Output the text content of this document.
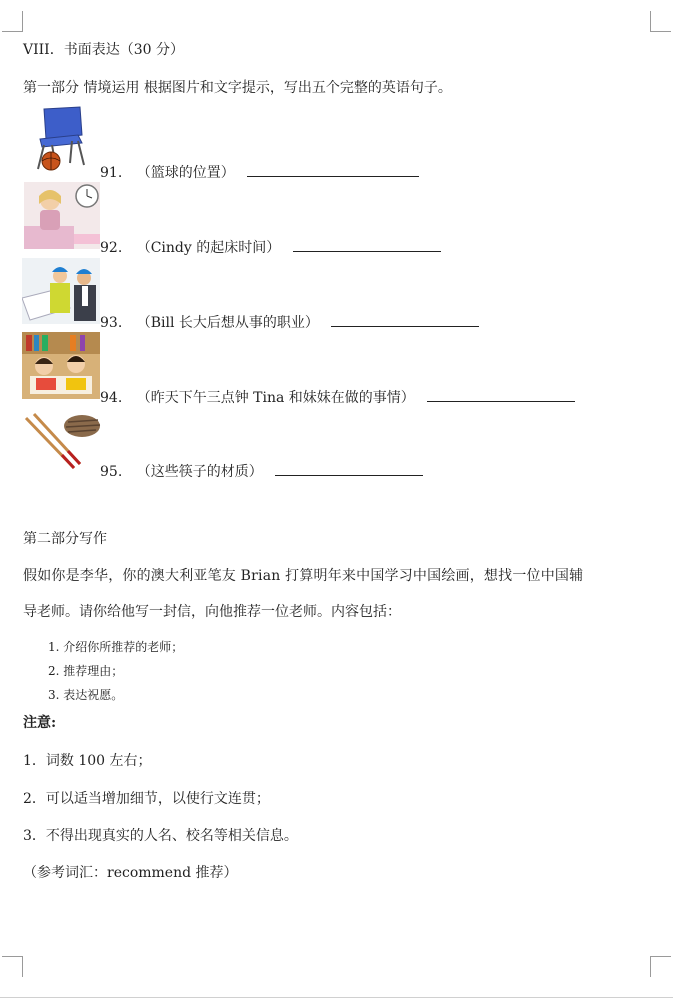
VIII．书面表达（30 分）
第一部分 情境运用 根据图片和文字提示，写出五个完整的英语句子。
91. （篮球的位置）
92. （Cindy 的起床时间）
93. （Bill 长大后想从事的职业）
94. （昨天下午三点钟 Tina 和妹妹在做的事情）
95. （这些筷子的材质）
第二部分写作
假如你是李华，你的澳大利亚笔友 Brian 打算明年来中国学习中国绘画，想找一位中国辅
导老师。请你给他写一封信，向他推荐一位老师。内容包括：
1. 介绍你所推荐的老师；
2. 推荐理由；
3. 表达祝愿。
注意:
1．词数 100 左右；
2．可以适当增加细节，以使行文连贯；
3．不得出现真实的人名、校名等相关信息。
（参考词汇：recommend 推荐）
